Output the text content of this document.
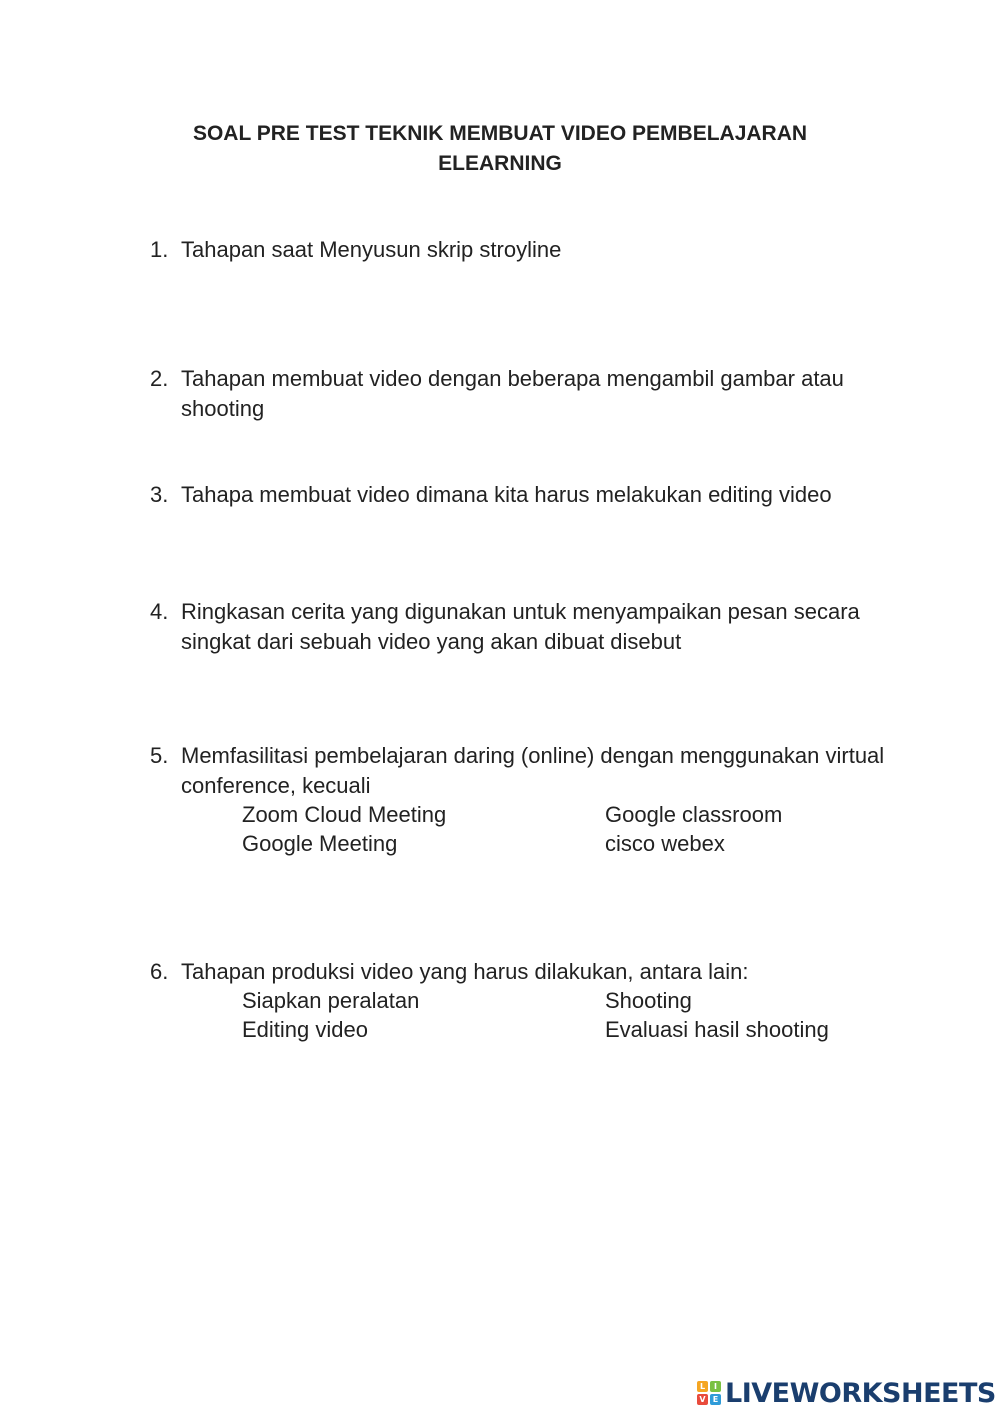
SOAL PRE TEST TEKNIK MEMBUAT VIDEO PEMBELAJARAN
ELEARNING
1. Tahapan saat Menyusun skrip stroyline
2. Tahapan membuat video dengan beberapa mengambil gambar atau shooting
3. Tahapa membuat video dimana kita harus melakukan editing video
4. Ringkasan cerita yang digunakan untuk menyampaikan pesan secara singkat dari sebuah video yang akan dibuat disebut
5. Memfasilitasi pembelajaran daring (online) dengan menggunakan virtual conference, kecuali
Zoom Cloud Meeting	Google classroom
Google Meeting	cisco webex
6. Tahapan produksi video yang harus dilakukan, antara lain:
Siapkan peralatan	Shooting
Editing video	Evaluasi hasil shooting
L	I
V E LIVEWORKSHEETS
